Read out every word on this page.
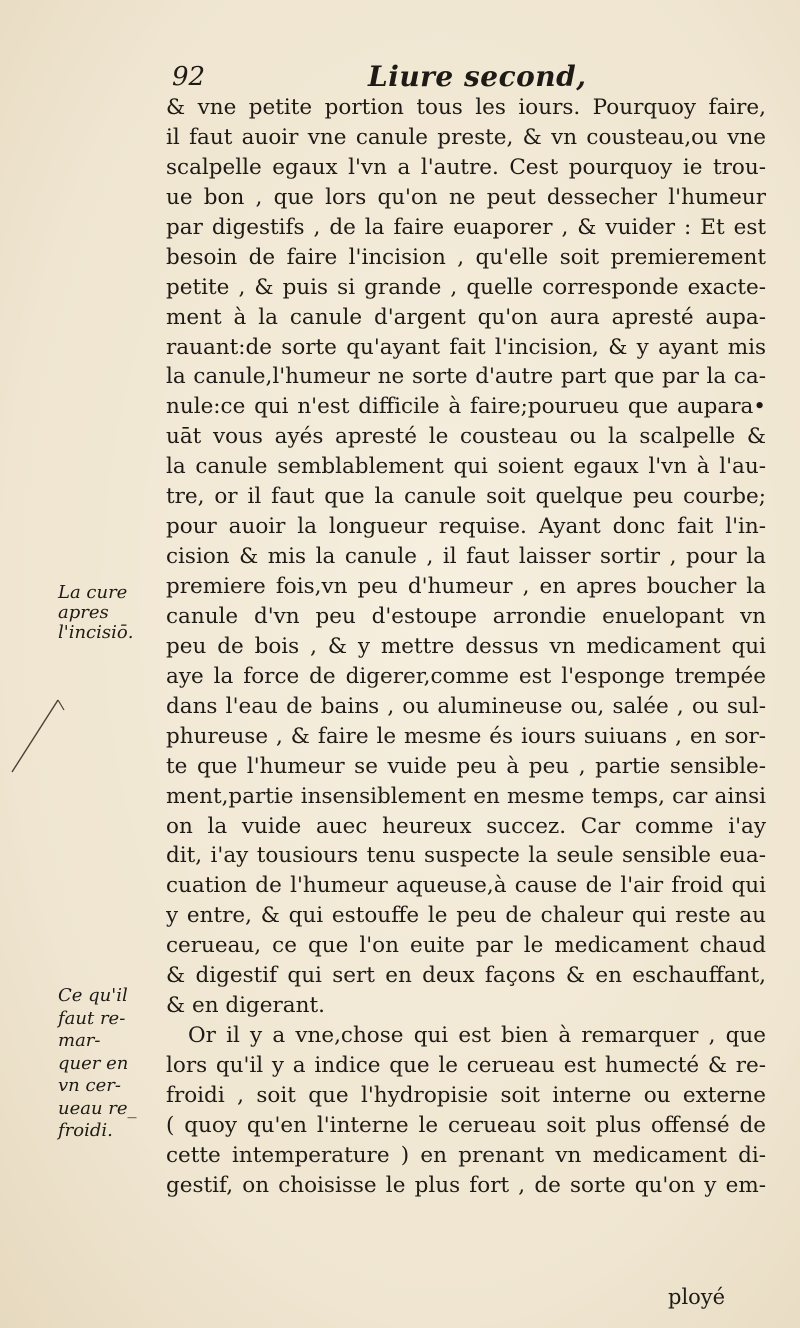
92	Liure second,
& vne petite portion tous les iours. Pourquoy faire,
il faut auoir vne canule preste, & vn cousteau,ou vne
scalpelle egaux l'vn a l'autre. Cest pourquoy ie trou-
ue bon , que lors qu'on ne peut dessecher l'humeur
par digestifs , de la faire euaporer , & vuider : Et est
besoin de faire l'incision , qu'elle soit premierement
petite , & puis si grande , quelle corresponde exacte-
ment à la canule d'argent qu'on aura apresté aupa-
rauant:de sorte qu'ayant fait l'incision, & y ayant mis
la canule,l'humeur ne sorte d'autre part que par la ca-
nule:ce qui n'est difficile à faire;pourueu que aupara•
uāt vous ayés apresté le cousteau ou la scalpelle &
la canule semblablement qui soient egaux l'vn à l'au-
tre, or il faut que la canule soit quelque peu courbe;
pour auoir la longueur requise. Ayant donc fait l'in-
cision & mis la canule , il faut laisser sortir , pour la
premiere fois,vn peu d'humeur , en apres boucher la
canule d'vn peu d'estoupe arrondie enuelopant vn
peu de bois , & y mettre dessus vn medicament qui
aye la force de digerer,comme est l'esponge trempée
dans l'eau de bains , ou alumineuse ou, salée , ou sul-
phureuse , & faire le mesme és iours suiuans , en sor-
te que l'humeur se vuide peu à peu , partie sensible-
ment,partie insensiblement en mesme temps, car ainsi
on la vuide auec heureux succez. Car comme i'ay
dit, i'ay tousiours tenu suspecte la seule sensible eua-
cuation de l'humeur aqueuse,à cause de l'air froid qui
y entre, & qui estouffe le peu de chaleur qui reste au
cerueau, ce que l'on euite par le medicament chaud
& digestif qui sert en deux façons & en eschauffant,
& en digerant.
Or il y a vne,chose qui est bien à remarquer , que
lors qu'il y a indice que le cerueau est humecté & re-
froidi , soit que l'hydropisie soit interne ou externe
( quoy qu'en l'interne le cerueau soit plus offensé de
cette intemperature ) en prenant vn medicament di-
gestif, on choisisse le plus fort , de sorte qu'on y em-
ployé
La cure
apres
l'incisiō.
Ce qu'il
faut re-
mar-
quer en
vn cer-
ueau re_
froidi.
